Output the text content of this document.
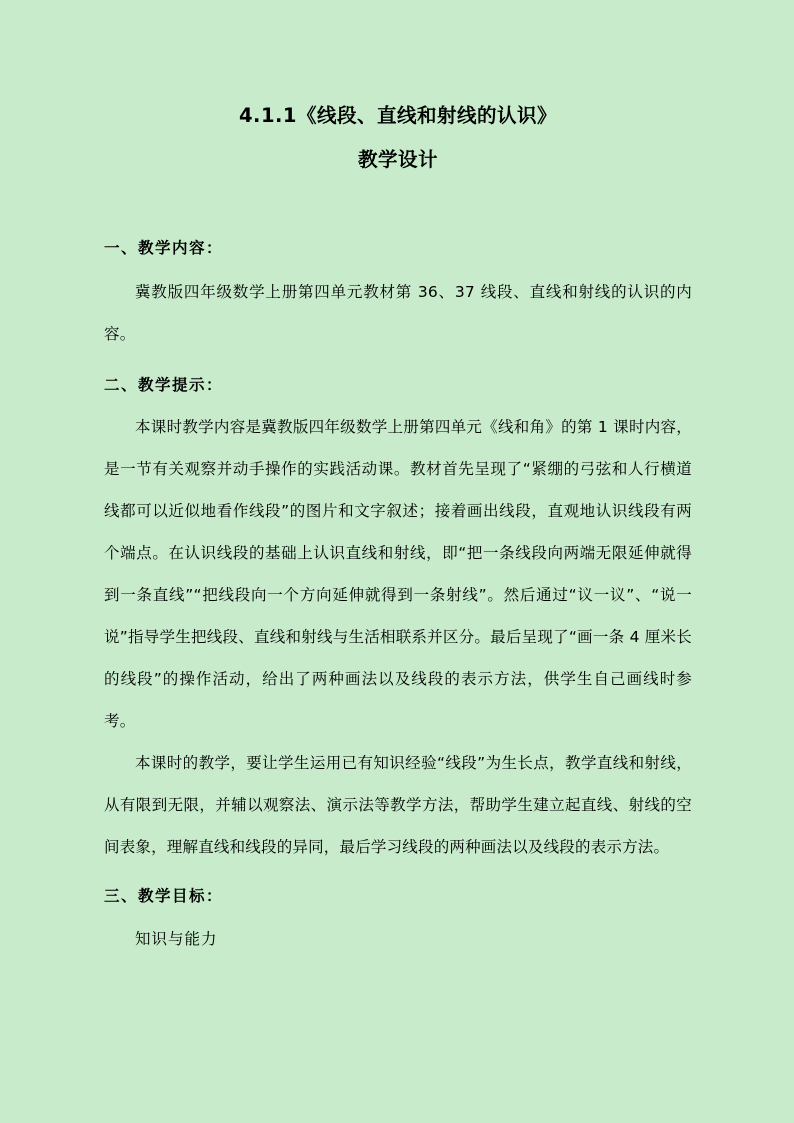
4.1.1《线段、直线和射线的认识》
教学设计
一、教学内容：

冀教版四年级数学上册第四单元教材第 36、37 线段、直线和射线的认识的内容。

二、教学提示：

本课时教学内容是冀教版四年级数学上册第四单元《线和角》的第 1 课时内容，是一节有关观察并动手操作的实践活动课。教材首先呈现了“紧绷的弓弦和人行横道线都可以近似地看作线段”的图片和文字叙述；接着画出线段，直观地认识线段有两个端点。在认识线段的基础上认识直线和射线，即“把一条线段向两端无限延伸就得到一条直线”“把线段向一个方向延伸就得到一条射线”。然后通过“议一议”、“说一说”指导学生把线段、直线和射线与生活相联系并区分。最后呈现了“画一条 4 厘米长的线段”的操作活动，给出了两种画法以及线段的表示方法，供学生自己画线时参考。

本课时的教学，要让学生运用已有知识经验“线段”为生长点，教学直线和射线，从有限到无限，并辅以观察法、演示法等教学方法，帮助学生建立起直线、射线的空间表象，理解直线和线段的异同，最后学习线段的两种画法以及线段的表示方法。

三、教学目标：
知识与能力
